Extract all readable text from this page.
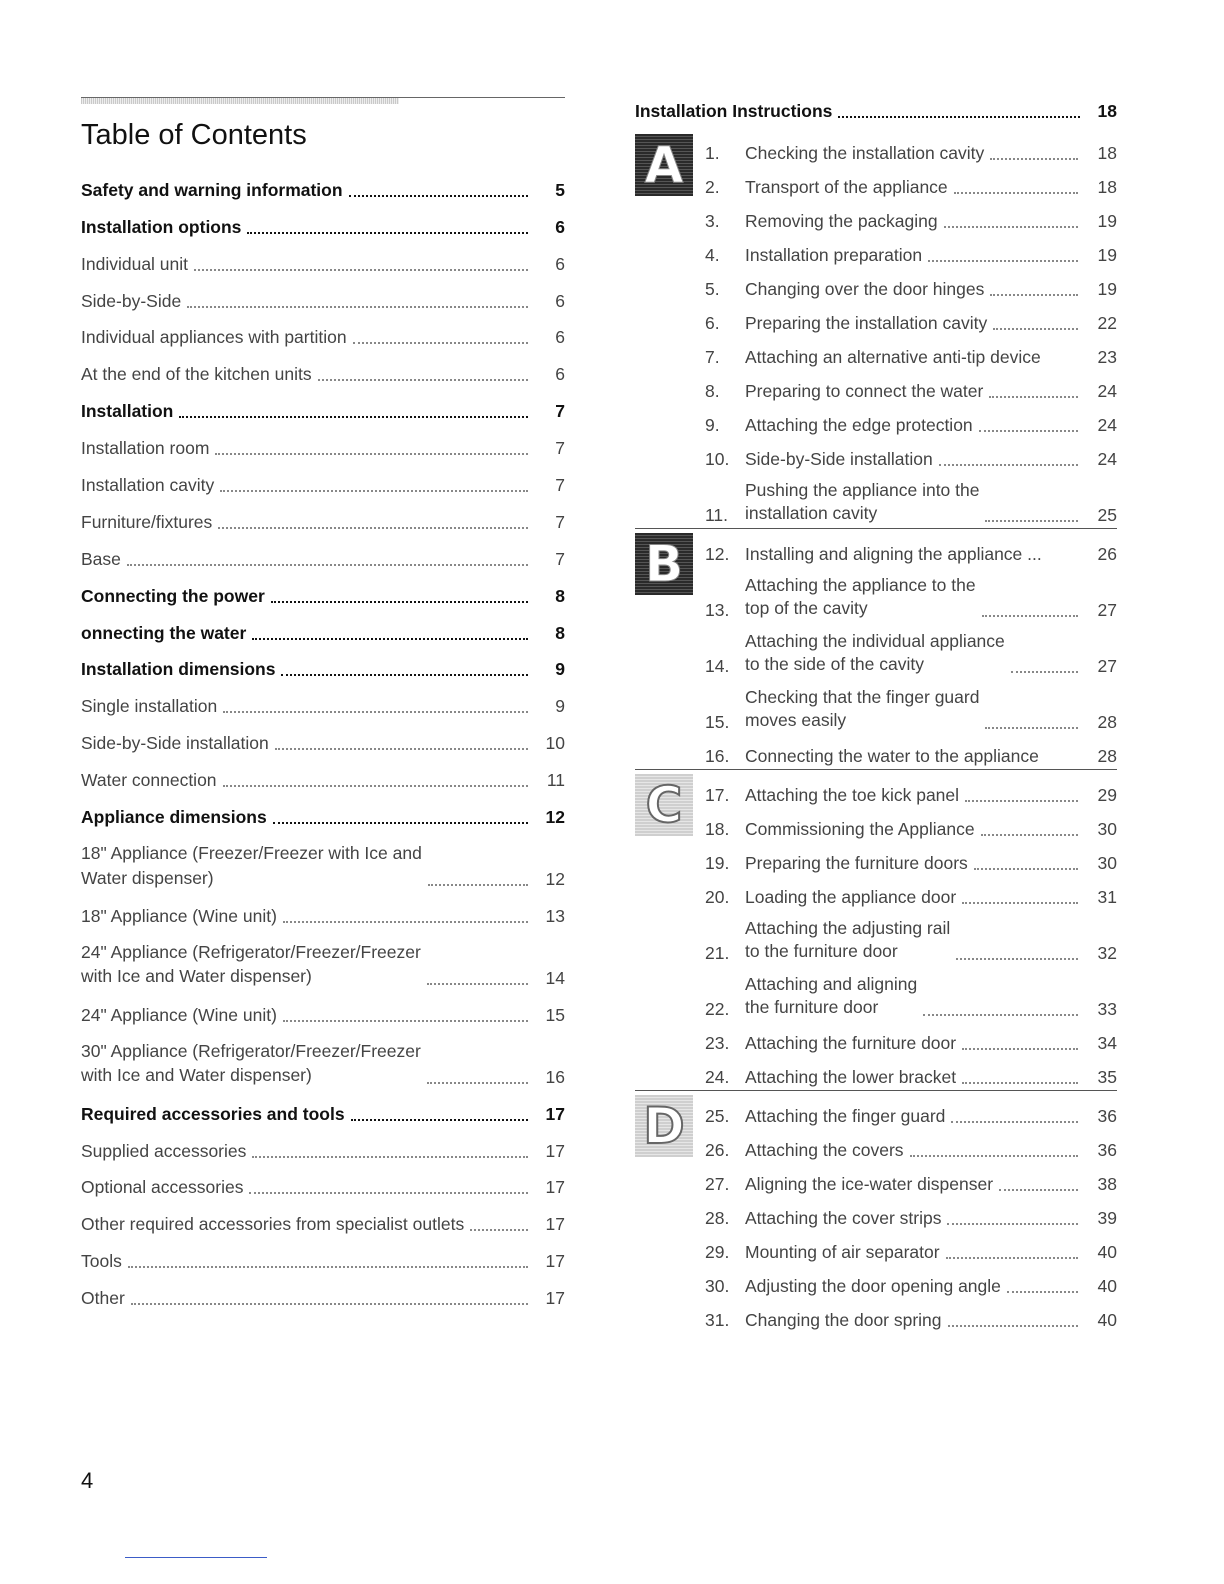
Table of Contents
Safety and warning information	5
Installation options	6
Individual unit	6
Side-by-Side	6
Individual appliances with partition	6
At the end of the kitchen units	6
Installation	7
Installation room	7
Installation cavity	7
Furniture/fixtures	7
Base	7
Connecting the power	8
onnecting the water	8
Installation dimensions	9
Single installation	9
Side-by-Side installation	10
Water connection	11
Appliance dimensions	12
18" Appliance (Freezer/Freezer with Ice and
Water dispenser)	12
18" Appliance (Wine unit)	13
24" Appliance (Refrigerator/Freezer/Freezer
with Ice and Water dispenser)	14
24" Appliance (Wine unit)	15
30" Appliance (Refrigerator/Freezer/Freezer
with Ice and Water dispenser)	16
Required accessories and tools	17
Supplied accessories	17
Optional accessories	17
Other required accessories from specialist outlets	17
Tools	17
Other	17
Installation Instructions	18
A	1.	Checking the installation cavity	18
2.	Transport of the appliance	18
3.	Removing the packaging	19
4.	Installation preparation	19
5.	Changing over the door hinges	19
6.	Preparing the installation cavity	22
7.	Attaching an alternative anti-tip device	23
8.	Preparing to connect the water	24
9.	Attaching the edge protection	24
10. Side-by-Side installation	24
11.
Pushing the appliance into the
installation cavity	25
B	12. Installing and aligning the appliance ...	26
13.
Attaching the appliance to the
top of the cavity	27
14.
Attaching the individual appliance
to the side of the cavity	27
15.
Checking that the finger guard
moves easily	28
16. Connecting the water to the appliance	28
C	17. Attaching the toe kick panel	29
18. Commissioning the Appliance	30
19. Preparing the furniture doors	30
20. Loading the appliance door	31
21.
Attaching the adjusting rail
to the furniture door	32
22.
Attaching and aligning
the furniture door	33
23. Attaching the furniture door	34
24. Attaching the lower bracket	35
D	25. Attaching the finger guard	36
26. Attaching the covers	36
27. Aligning the ice-water dispenser	38
28. Attaching the cover strips	39
29. Mounting of air separator	40
30. Adjusting the door opening angle	40
31. Changing the door spring	40
4
